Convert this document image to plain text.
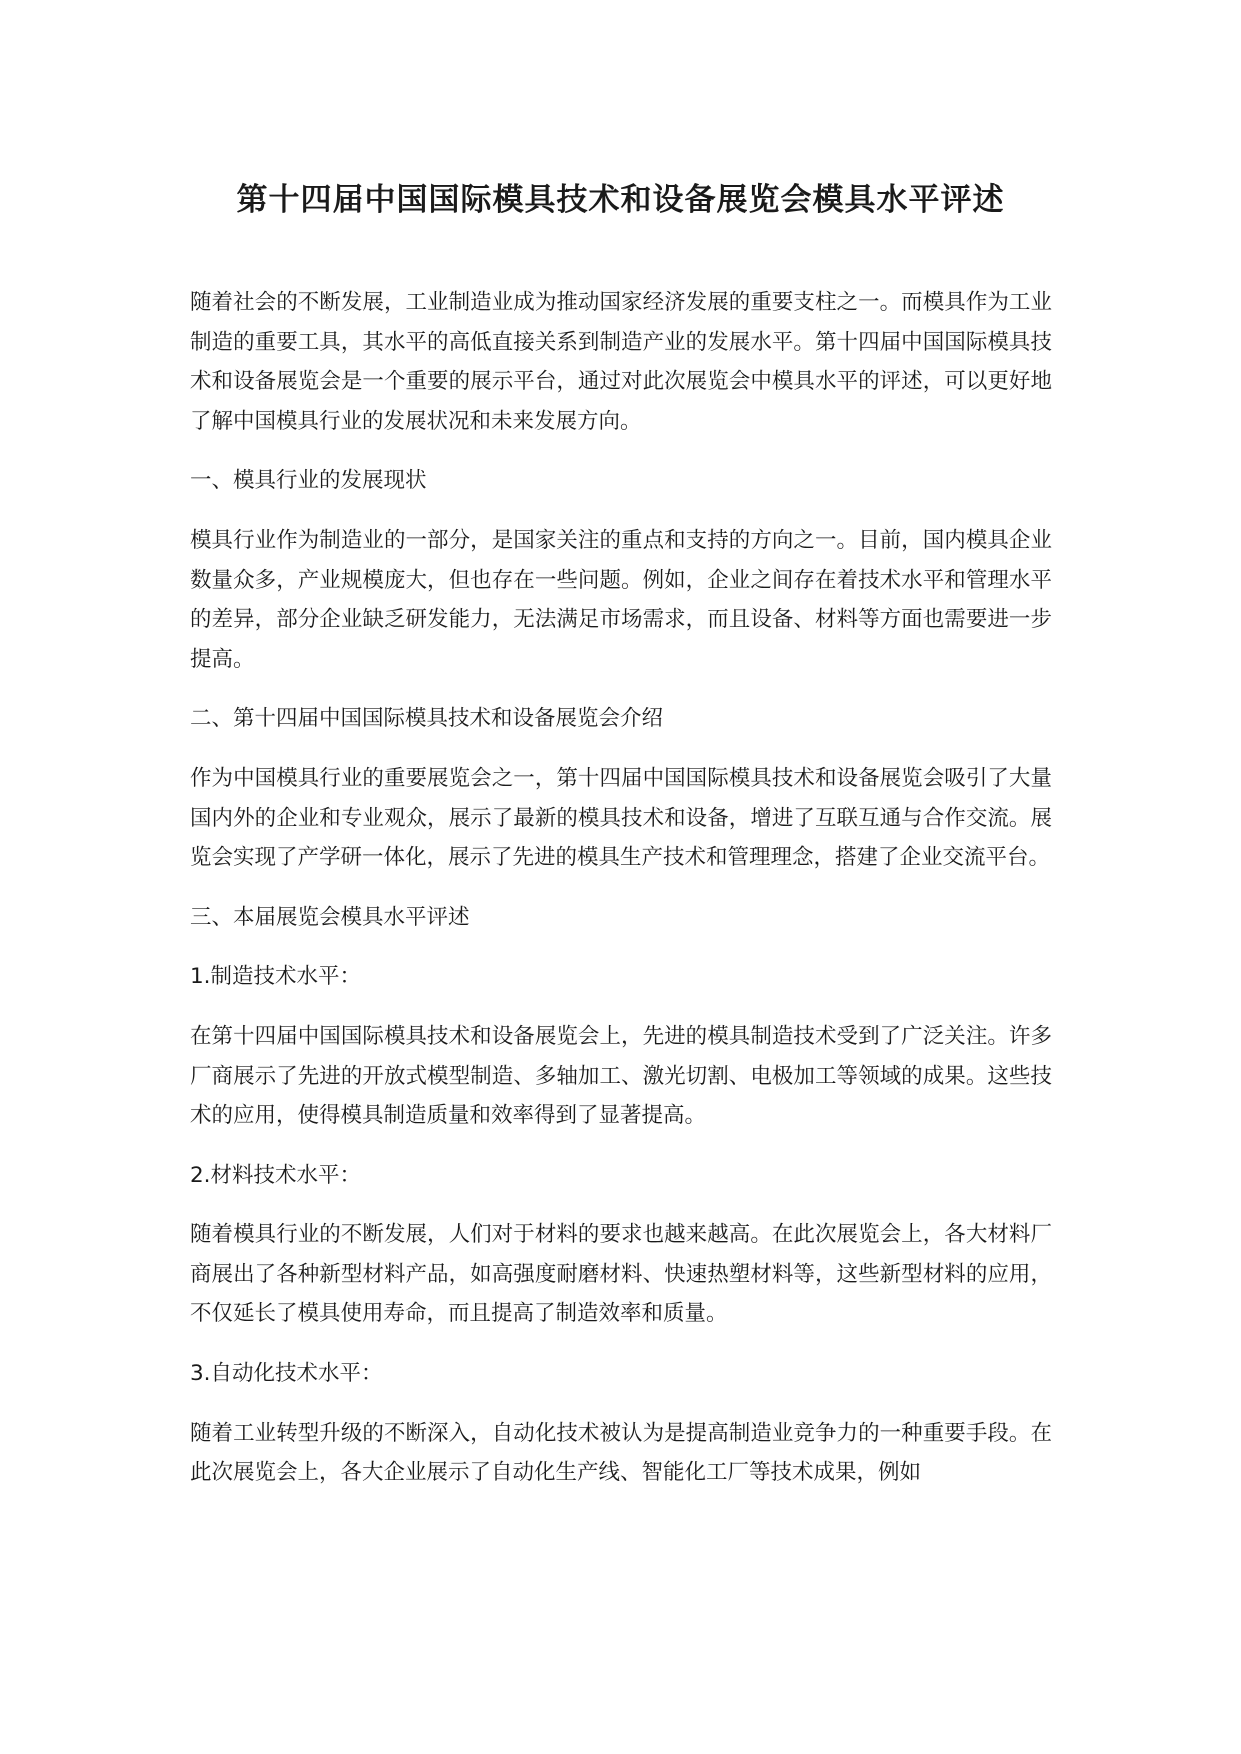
第十四届中国国际模具技术和设备展览会模具水平评述

随着社会的不断发展，工业制造业成为推动国家经济发展的重要支柱之一。而模具作为工业制造的重要工具，其水平的高低直接关系到制造产业的发展水平。第十四届中国国际模具技术和设备展览会是一个重要的展示平台，通过对此次展览会中模具水平的评述，可以更好地了解中国模具行业的发展状况和未来发展方向。

一、模具行业的发展现状

模具行业作为制造业的一部分，是国家关注的重点和支持的方向之一。目前，国内模具企业数量众多，产业规模庞大，但也存在一些问题。例如，企业之间存在着技术水平和管理水平的差异，部分企业缺乏研发能力，无法满足市场需求，而且设备、材料等方面也需要进一步提高。

二、第十四届中国国际模具技术和设备展览会介绍

作为中国模具行业的重要展览会之一，第十四届中国国际模具技术和设备展览会吸引了大量国内外的企业和专业观众，展示了最新的模具技术和设备，增进了互联互通与合作交流。展览会实现了产学研一体化，展示了先进的模具生产技术和管理理念，搭建了企业交流平台。

三、本届展览会模具水平评述

1.制造技术水平：

在第十四届中国国际模具技术和设备展览会上，先进的模具制造技术受到了广泛关注。许多厂商展示了先进的开放式模型制造、多轴加工、激光切割、电极加工等领域的成果。这些技术的应用，使得模具制造质量和效率得到了显著提高。

2.材料技术水平：

随着模具行业的不断发展，人们对于材料的要求也越来越高。在此次展览会上，各大材料厂商展出了各种新型材料产品，如高强度耐磨材料、快速热塑材料等，这些新型材料的应用，不仅延长了模具使用寿命，而且提高了制造效率和质量。

3.自动化技术水平：

随着工业转型升级的不断深入，自动化技术被认为是提高制造业竞争力的一种重要手段。在此次展览会上，各大企业展示了自动化生产线、智能化工厂等技术成果，例如
